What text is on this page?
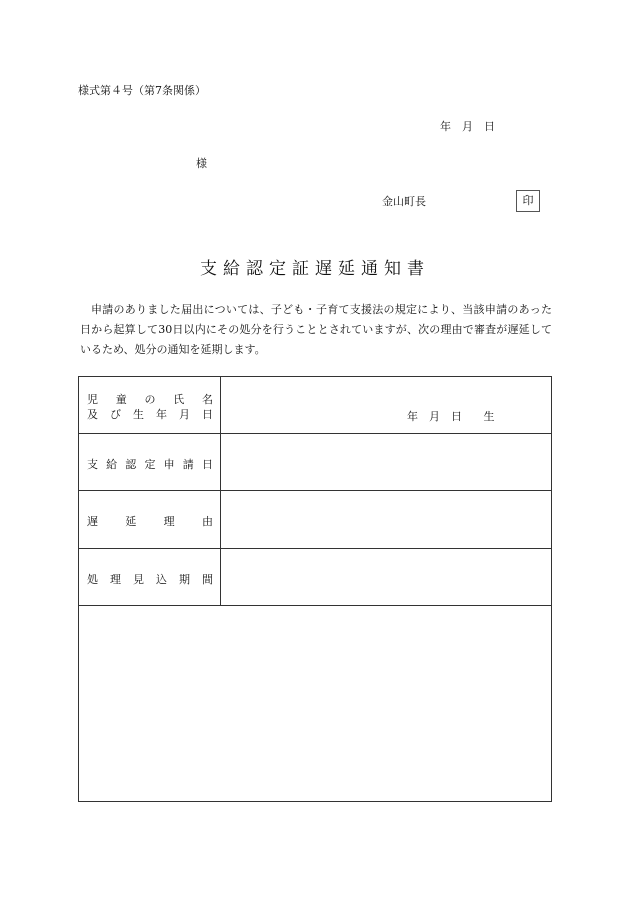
様式第４号（第7条関係）
年　月　日
様
金山町長	印
支給認定証遅延通知書
申請のありました届出については、子ども・子育て支援法の規定により、当該申請のあった日から起算して30日以内にその処分を行うこととされていますが、次の理由で審査が遅延しているため、処分の通知を延期します。
児 童 の 氏 名
及 び 生 年 月 日	年　月　日 生
支 給 認 定 申 請 日
遅 延 理 由
処 理 見 込 期 間
